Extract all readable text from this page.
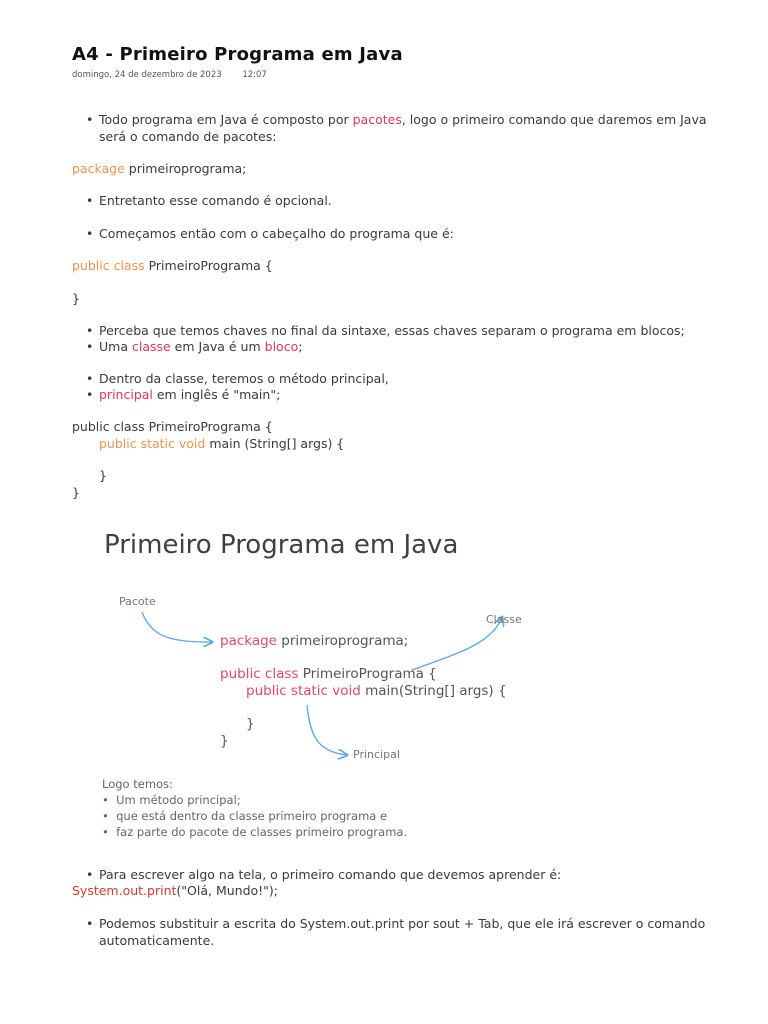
A4 - Primeiro Programa em Java
domingo, 24 de dezembro de 2023 12:07
• Todo programa em Java é composto por pacotes, logo o primeiro comando que daremos em Java será o comando de pacotes:
package primeiroprograma;
• Entretanto esse comando é opcional.
• Começamos então com o cabeçalho do programa que é:
public class PrimeiroPrograma {
}
• Perceba que temos chaves no final da sintaxe, essas chaves separam o programa em blocos;
• Uma classe em Java é um bloco;
• Dentro da classe, teremos o método principal,
• principal em inglês é "main";
public class PrimeiroPrograma {
public static void main (String[] args) {
}
}
Primeiro Programa em Java
Pacote
Classe
Principal
package primeiroprograma;
public class PrimeiroPrograma {
public static void main(String[] args) {
}
}
Logo temos:
•  Um método principal;
•  que está dentro da classe primeiro programa e
•  faz parte do pacote de classes primeiro programa.
• Para escrever algo na tela, o primeiro comando que devemos aprender é:
System.out.print("Olá, Mundo!");
• Podemos substituir a escrita do System.out.print por sout + Tab, que ele irá escrever o comando automaticamente.
